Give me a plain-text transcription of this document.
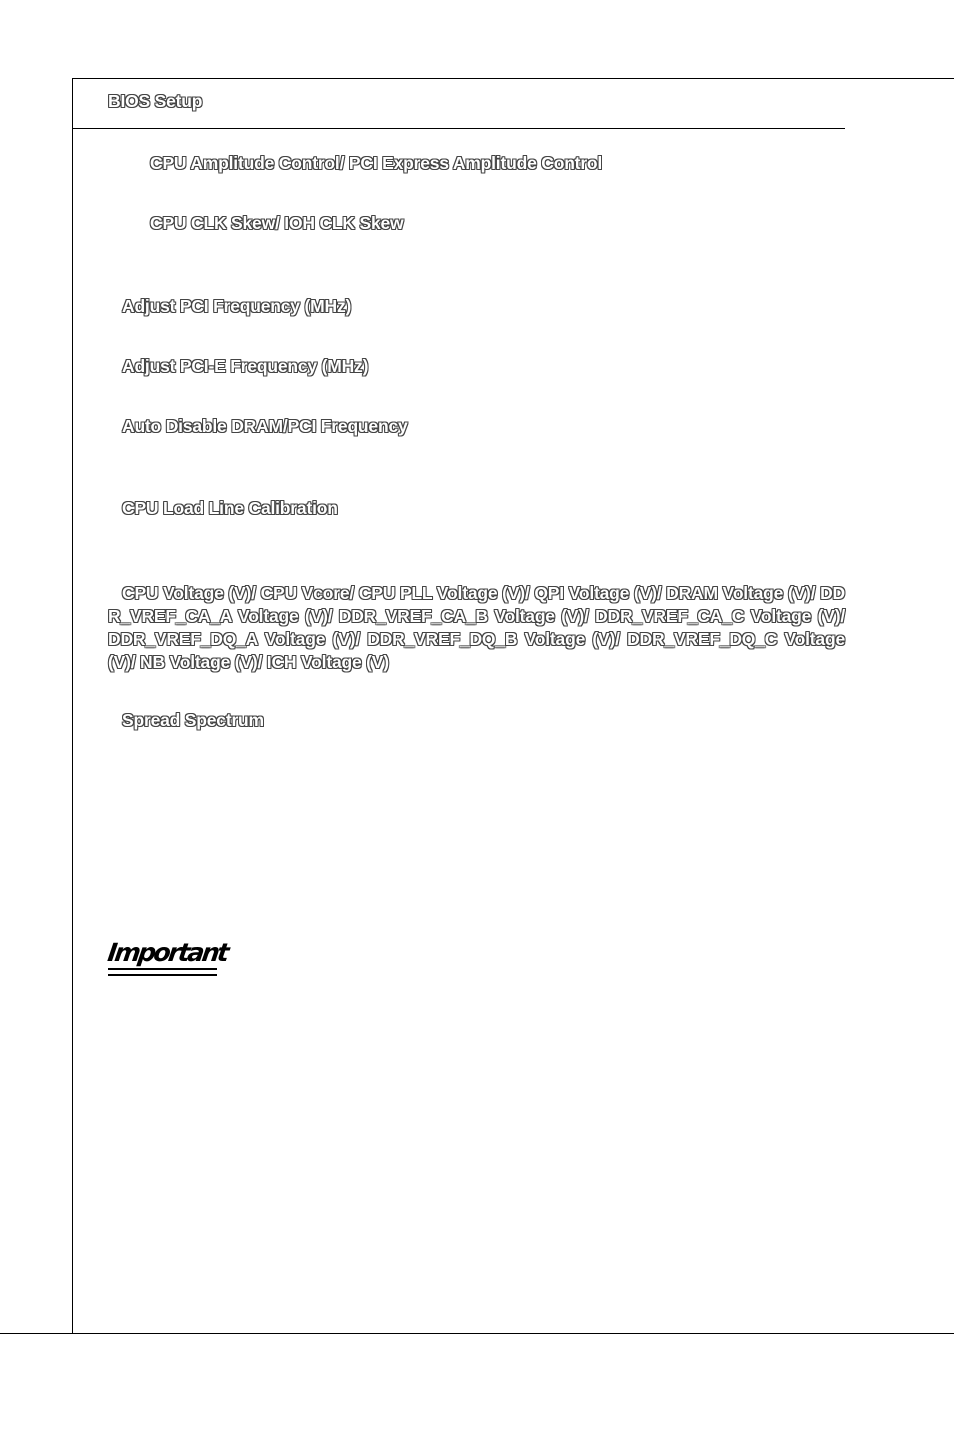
BIOS Setup
CPU Amplitude Control/ PCI Express Amplitude Control
CPU CLK Skew/ IOH CLK Skew
Adjust PCI Frequency (MHz)
Adjust PCI-E Frequency (MHz)
Auto Disable DRAM/PCI Frequency
CPU Load Line Calibration
CPU Voltage (V)/ CPU Vcore/ CPU PLL Voltage (V)/ QPI Voltage (V)/ DRAM Voltage (V)/ DDR_VREF_CA_A Voltage (V)/ DDR_VREF_CA_B Voltage (V)/ DDR_VREF_CA_C Voltage (V)/ DDR_VREF_DQ_A Voltage (V)/ DDR_VREF_DQ_B Voltage (V)/ DDR_VREF_DQ_C Voltage (V)/ NB Voltage (V)/ ICH Voltage (V)
Spread Spectrum
Important
